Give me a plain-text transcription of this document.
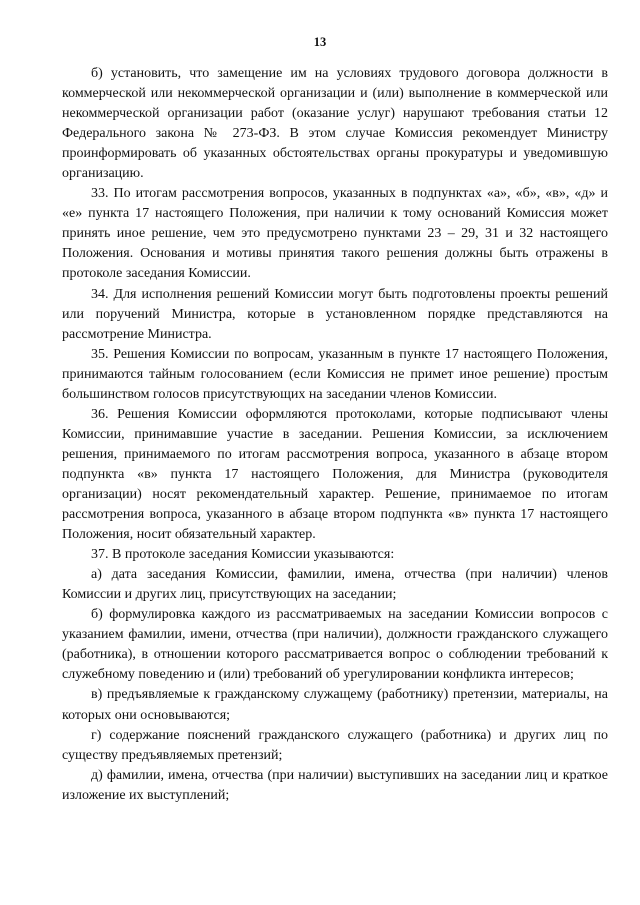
13

б) установить, что замещение им на условиях трудового договора должности в коммерческой или некоммерческой организации и (или) выполнение в коммерческой или некоммерческой организации работ (оказание услуг) нарушают требования статьи 12 Федерального закона № 273-ФЗ. В этом случае Комиссия рекомендует Министру проинформировать об указанных обстоятельствах органы прокуратуры и уведомившую организацию.

33. По итогам рассмотрения вопросов, указанных в подпунктах «а», «б», «в», «д» и «е» пункта 17 настоящего Положения, при наличии к тому оснований Комиссия может принять иное решение, чем это предусмотрено пунктами 23 – 29, 31 и 32 настоящего Положения. Основания и мотивы принятия такого решения должны быть отражены в протоколе заседания Комиссии.

34. Для исполнения решений Комиссии могут быть подготовлены проекты решений или поручений Министра, которые в установленном порядке представляются на рассмотрение Министра.

35. Решения Комиссии по вопросам, указанным в пункте 17 настоящего Положения, принимаются тайным голосованием (если Комиссия не примет иное решение) простым большинством голосов присутствующих на заседании членов Комиссии.

36. Решения Комиссии оформляются протоколами, которые подписывают члены Комиссии, принимавшие участие в заседании. Решения Комиссии, за исключением решения, принимаемого по итогам рассмотрения вопроса, указанного в абзаце втором подпункта «в» пункта 17 настоящего Положения, для Министра (руководителя организации) носят рекомендательный характер. Решение, принимаемое по итогам рассмотрения вопроса, указанного в абзаце втором подпункта «в» пункта 17 настоящего Положения, носит обязательный характер.

37. В протоколе заседания Комиссии указываются:

а) дата заседания Комиссии, фамилии, имена, отчества (при наличии) членов Комиссии и других лиц, присутствующих на заседании;

б) формулировка каждого из рассматриваемых на заседании Комиссии вопросов с указанием фамилии, имени, отчества (при наличии), должности гражданского служащего (работника), в отношении которого рассматривается вопрос о соблюдении требований к служебному поведению и (или) требований об урегулировании конфликта интересов;

в) предъявляемые к гражданскому служащему (работнику) претензии, материалы, на которых они основываются;

г) содержание пояснений гражданского служащего (работника) и других лиц по существу предъявляемых претензий;

д) фамилии, имена, отчества (при наличии) выступивших на заседании лиц и краткое изложение их выступлений;
